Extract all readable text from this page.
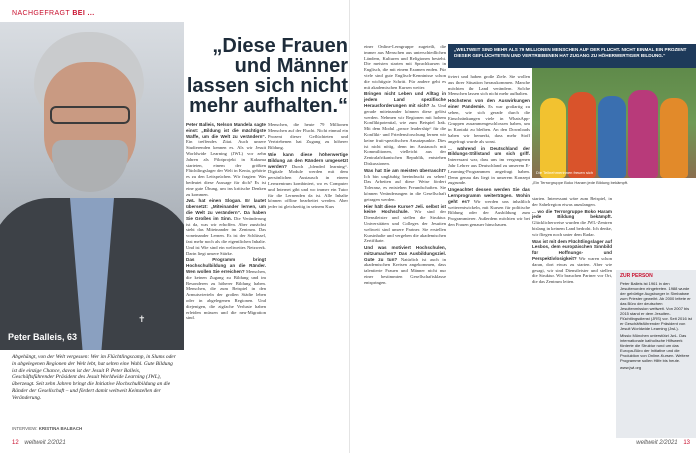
NACHGEFRAGT BEI ...
✝
Peter Balleis, 63
„Diese Frauen und Männer lassen sich nicht mehr aufhalten.“

Peter Balleis, Nelson Mandela sagte einst: „Bildung ist die mächtigste Waffe, um die Welt zu verändern“. Ein treffendes Zitat. Auch unsere Studierenden kennen es. Als wir Jesuit Worldwide Learning (JWL) vor zehn Jahren als Pilotprojekt in Kakuma starteten, einem der größten Flüchtlingslager der Welt in Kenia, gehörte es zu den Leitsprüchen. Wir fragten: Was bedeutet diese Aussage für dich? Es ist eine gute Übung, um ins kritische Denken zu kommen.

JwL hat einen Slogan. Er lautet übersetzt: „Miteinander lernen, um die Welt zu verändern“. Da haben Sie Großes im Sinn. Die Veränderung ist da, was wir erhoffen. Aber zunächst steht das Miteinander im Zentrum. Das voneinander Lernen. Es ist der Schlüssel, fast mehr noch als die eigentlichen Inhalte. Und ist Wie sind ein weltweites Netzwerk. Darin liegt unsere Stärke.

Das Programm bringt Hochschulbildung an die Ränder. Wen wollen Sie erreichen? Menschen, die keinen Zugang zu Bildung und im Besonderen zu höherer Bildung haben. Menschen, die zum Beispiel in den Armutsvierteln der großen Städte leben oder in abgelegenen Regionen. Und diejenigen, die zigfache Verluste haben erleiden müssen und die neu-Migration sind.

Menschen, die heute 79 Millionen Menschen auf der Flucht. Nicht einmal ein Prozent dieser Geflüchteten und Vertriebenen hat Zugang zu höherer Bildung.

Wie kann diese höherwertige Bildung an den Rändern umgesetzt werden? Durch „blended learning“. Digitale Module werden mit dem persönlichen Austausch in einem Lernzentrum kombiniert, wo es Computer und Internet gibt und wo immer ein Tutor für die Lernenden da ist. Alle Inhalte können offline bearbeitet werden. Aber jeder ist gleichzeitig in seinem Kurs

Abgehängt, von der Welt vergessen: Wer im Flüchtlingscamp, in Slums oder in abgelegenen Regionen der Welt lebt, hat selten eine Wahl. Gute Bildung ist die einzige Chance, davon ist der Jesuit P. Peter Balleis, Geschäftsführender Präsident des Jesuit Worldwide Learning (JWL), überzeugt. Seit zehn Jahren bringt die Initiative Hochschulbildung an die Ränder der Gesellschaft – und fördert damit weltweit Keimzellen der Veränderung.
INTERVIEW: KRISTINA BALBACH
12 weltweit 2/2021

einer Online-Lerngruppe zugeteilt, die immer aus Menschen aus unterschiedlichen Ländern, Kulturen und Religionen besteht. Die meisten starten mit Sprachkursen in Englisch, die mit einem Examen enden. Für viele sind gute Englisch-Kenntnisse schon die wichtigste Schritt. Für andere geht es mit akademischen Kursen weiter.

Bringen nicht Leben und Alltag in jedem Land spezifische Herausforderungen mit sich? Ja. Und gerade miteinander können diese gelöst werden. Nehmen wir Regionen mit hohem Konfliktpotential, wie zum Beispiel Irak. Mit dem Modul „peace leadership“ für die Konflikt- und Friedensforschung lernen wir keine fruit-spezifischen Ansatzpunkte. Dies ist nicht nötig, denn im Austausch mit Kommilitonen, vielleicht aus der Zentralafrikanischen Republik, entstehen Diskussionen.

Was hat Sie am meisten überrascht? Ich bin ungläubig beeindruckt zu sehen! Das Arbeiten auf diese Weise fördert Toleranz, es entstehen Freundschaften. Sie können Veränderungen in die Gesellschaft getragen werden.

Hier hält diese Kurse? Jeli. selbst ist keine Hochschule. Wir sind der Dienstleister und stellen die Struktur. Universitäten und Colleges der Jesuiten weltweit sind unsere Partner. Sie erstellen Kursinhalte und vergeben die akademischen Zertifikate.

Und was motiviert Hochschulen, mitzumachen? Das Ausbildungsziel. Gute zu tun? Natürlich ist auch in akademischen Kreisen angekommen, dass talentierte Frauen und Männer nicht nur einer bestimmten Gesellschaftsklasse entspringen.

„WELTWEIT SIND MEHR ALS 79 MILLIONEN MENSCHEN AUF DER FLUCHT. NICHT EINMAL EIN PROZENT DIESER GEFLÜCHTETEN UND VERTRIEBENEN HAT ZUGANG ZU HÖHERWERTIGER BILDUNG.“

tiviert und haben große Ziele. Sie wollen aus ihrer Situation herauskommen. Manche möchten ihr Land verändern. Solche Menschen lassen sich nicht mehr aufhalten.

Höchstens von den Auswirkungen einer Pandemie. Es war großartig zu sehen, wie sich gerade durch die Einschränkungen viele in WhatsApp-Gruppen zusammengeschlossen haben, um in Kontakt zu bleiben. An den Downloads haben wir bemerkt, dass mehr Stoff angefragt wurde als sonst.

... während in Deutschland der Bildungs-Stillstand um sich griff. Interessant war, dass uns im vergangenen Jahr Lehrer aus Deutschland zu unserem E-Learning-Programmen angefragt haben. Denn genau das liegt in unserem Konzept zugrunde.

Ungeachtet dessen werden Sie das Lernprogramm weiterträgen. Wohin geht es? Wir werden uns inhaltlich weiterentwickeln, mit Kursen für politische Bildung oder der Ausbildung zum Programmierer. Außerdem möchten wir bei den Frauen genauer hinschauen.

Die Teilnehmerinnen freuen sich
„Ein Terrorgruppe Boko Haram jede Bildung bekämpft.

starten. Interessant wäre zum Beispiel, in der Sahelregion etwas anzulangen.

... wo die Terrorgruppe Boko Haram jede Bildung bekämpft. Glücklicherweise wurden die JWL-Zentren bislang in keinem Land bedroht. Ich denke, wir fliegen noch unter dem Radar.

Was ist mit dem Flüchtlingslager auf Lesbos, dem europäischen Sinnbild für Hoffnungs- und Perspektivlosigkeit? Wir waren schon daran, dort etwas zu starten. Aber wie gesagt, wir sind Dienstleister und stellen die Struktur. Wir brauchen Partner vor Ort, die das Zentrum leiten.

ZUR PERSON

Peter Balleis ist 1961 in den Jesuitenorden eingetreten. 1988 wurde der gebürtige Augsburger in Simbabwe zum Priester geweiht. Ab 2000 leitete er das Büro der deutschen Jesuitenmission weltweit. Von 2007 bis 2015 stand er dem Jesuiten-Flüchtlingsdienst (JRS) vor. Seit 2016 ist er Geschäftsführender Präsident von Jesuit Worldwide Learning (JwL).

Missio München unterstützt JwL. Das internationale katholische Hilfswerk förderte die Struktur rund um das Europa-Büro der Initiative und die Produktion von Online-Kursen. Weitere Programme sollen Hilfe bis heute.

www.jwl.org

weltweit 2/2021 13
